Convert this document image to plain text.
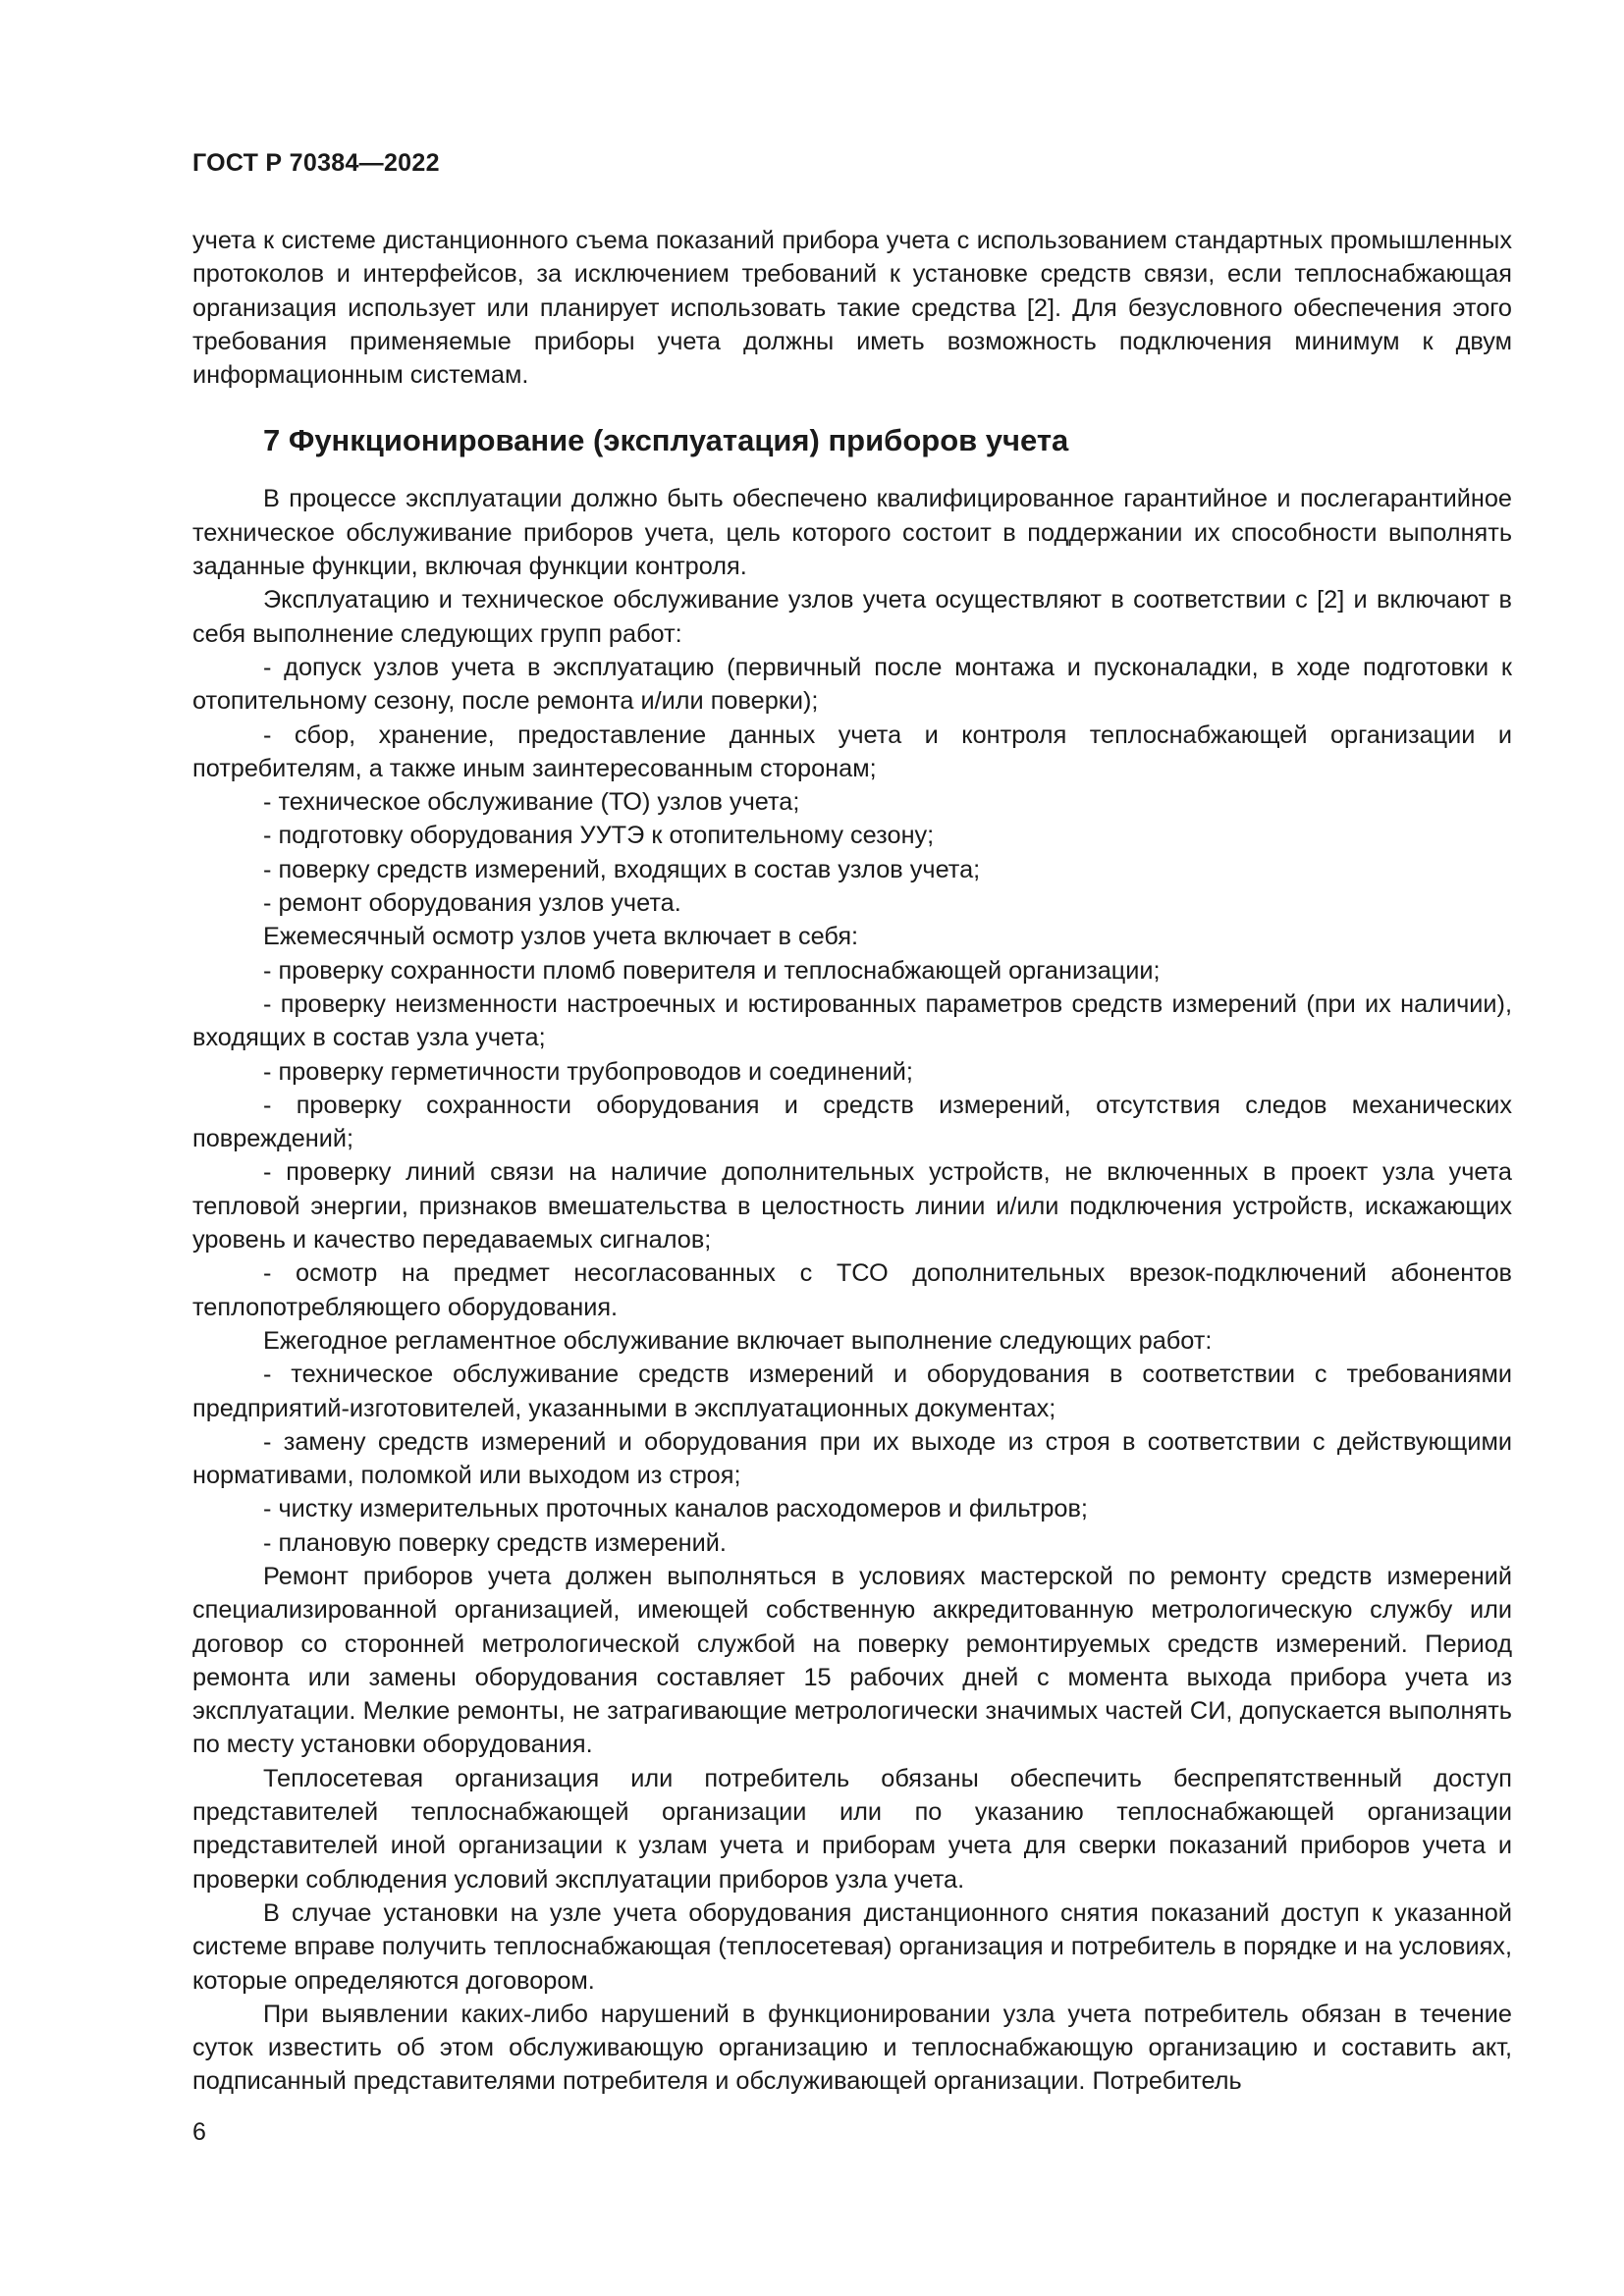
ГОСТ Р 70384—2022

учета к системе дистанционного съема показаний прибора учета с использованием стандартных промышленных протоколов и интерфейсов, за исключением требований к установке средств связи, если теплоснабжающая организация использует или планирует использовать такие средства [2]. Для безусловного обеспечения этого требования применяемые приборы учета должны иметь возможность подключения минимум к двум информационным системам.

7 Функционирование (эксплуатация) приборов учета

В процессе эксплуатации должно быть обеспечено квалифицированное гарантийное и послегарантийное техническое обслуживание приборов учета, цель которого состоит в поддержании их способности выполнять заданные функции, включая функции контроля.

Эксплуатацию и техническое обслуживание узлов учета осуществляют в соответствии с [2] и включают в себя выполнение следующих групп работ:

- допуск узлов учета в эксплуатацию (первичный после монтажа и пусконаладки, в ходе подготовки к отопительному сезону, после ремонта и/или поверки);

- сбор, хранение, предоставление данных учета и контроля теплоснабжающей организации и потребителям, а также иным заинтересованным сторонам;

- техническое обслуживание (ТО) узлов учета;

- подготовку оборудования УУТЭ к отопительному сезону;

- поверку средств измерений, входящих в состав узлов учета;

- ремонт оборудования узлов учета.

Ежемесячный осмотр узлов учета включает в себя:

- проверку сохранности пломб поверителя и теплоснабжающей организации;

- проверку неизменности настроечных и юстированных параметров средств измерений (при их наличии), входящих в состав узла учета;

- проверку герметичности трубопроводов и соединений;

- проверку сохранности оборудования и средств измерений, отсутствия следов механических повреждений;

- проверку линий связи на наличие дополнительных устройств, не включенных в проект узла учета тепловой энергии, признаков вмешательства в целостность линии и/или подключения устройств, искажающих уровень и качество передаваемых сигналов;

- осмотр на предмет несогласованных с ТСО дополнительных врезок-подключений абонентов теплопотребляющего оборудования.

Ежегодное регламентное обслуживание включает выполнение следующих работ:

- техническое обслуживание средств измерений и оборудования в соответствии с требованиями предприятий-изготовителей, указанными в эксплуатационных документах;

- замену средств измерений и оборудования при их выходе из строя в соответствии с действующими нормативами, поломкой или выходом из строя;

- чистку измерительных проточных каналов расходомеров и фильтров;

- плановую поверку средств измерений.

Ремонт приборов учета должен выполняться в условиях мастерской по ремонту средств измерений специализированной организацией, имеющей собственную аккредитованную метрологическую службу или договор со сторонней метрологической службой на поверку ремонтируемых средств измерений. Период ремонта или замены оборудования составляет 15 рабочих дней с момента выхода прибора учета из эксплуатации. Мелкие ремонты, не затрагивающие метрологически значимых частей СИ, допускается выполнять по месту установки оборудования.

Теплосетевая организация или потребитель обязаны обеспечить беспрепятственный доступ представителей теплоснабжающей организации или по указанию теплоснабжающей организации представителей иной организации к узлам учета и приборам учета для сверки показаний приборов учета и проверки соблюдения условий эксплуатации приборов узла учета.

В случае установки на узле учета оборудования дистанционного снятия показаний доступ к указанной системе вправе получить теплоснабжающая (теплосетевая) организация и потребитель в порядке и на условиях, которые определяются договором.

При выявлении каких-либо нарушений в функционировании узла учета потребитель обязан в течение суток известить об этом обслуживающую организацию и теплоснабжающую организацию и составить акт, подписанный представителями потребителя и обслуживающей организации. Потребитель

6
